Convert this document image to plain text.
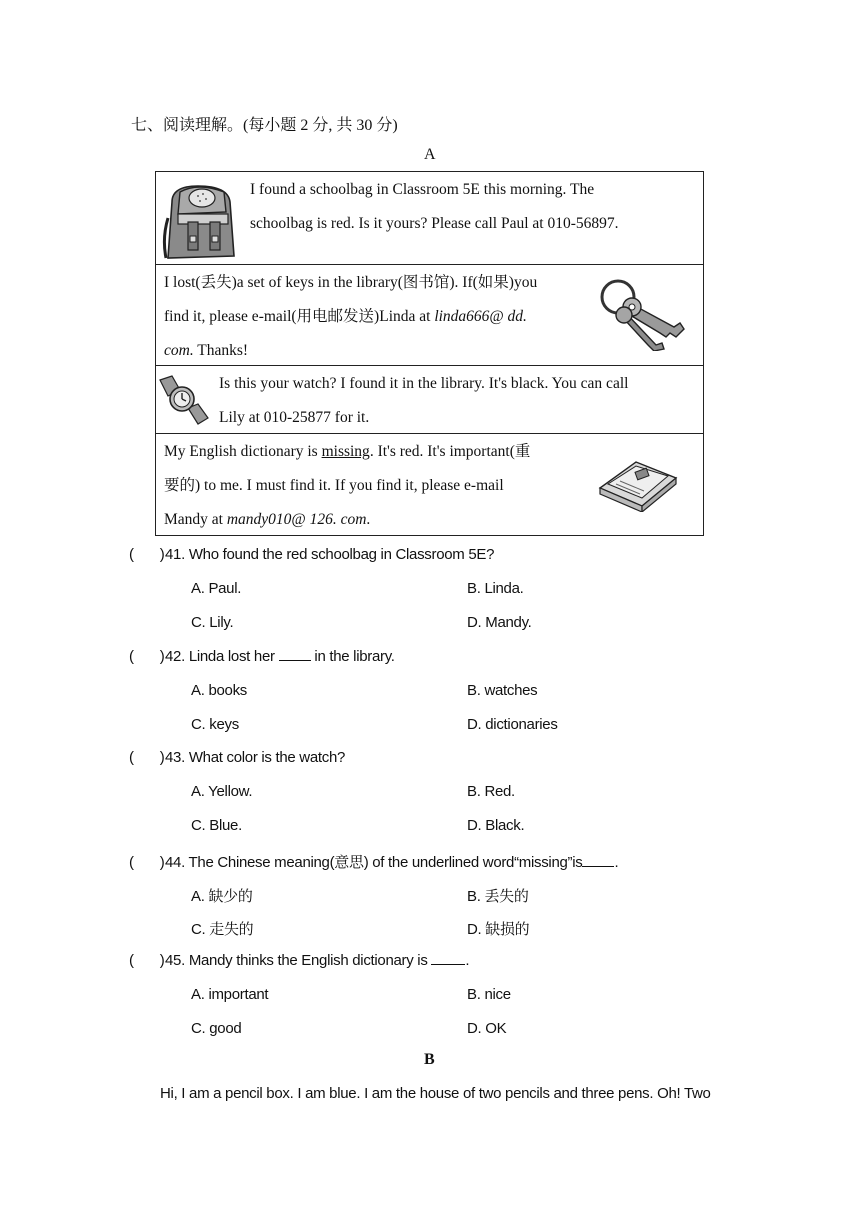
七、阅读理解。(每小题 2 分, 共 30 分)
A
I found a schoolbag in Classroom 5E this morning. The
schoolbag is red. Is it yours? Please call Paul at 010-56897.
I lost(丢失)a set of keys in the library(图书馆). If(如果)you
find it, please e-mail(用电邮发送)Linda at linda666@ dd.
com. Thanks!
Is this your watch? I found it in the library. It's black. You can call
Lily at 010-25877 for it.
My English dictionary is missing. It's red. It's important(重
要的) to me. I must find it. If you find it, please e-mail
Mandy at mandy010@ 126. com.
( )41. Who found the red schoolbag in Classroom 5E?
A. Paul.	B. Linda.
C. Lily.	D. Mandy.
( )42. Linda lost her  in the library.
A. books	B. watches
C. keys	D. dictionaries
( )43. What color is the watch?
A. Yellow.	B. Red.
C. Blue.	D. Black.
( )44. The Chinese meaning(意思) of the underlined word“missing”is .
A. 缺少的	B. 丢失的
C. 走失的	D. 缺损的
( )45. Mandy thinks the English dictionary is .
A. important	B. nice
C. good	D. OK
B
Hi, I am a pencil box. I am blue. I am the house of two pencils and three pens. Oh! Two
